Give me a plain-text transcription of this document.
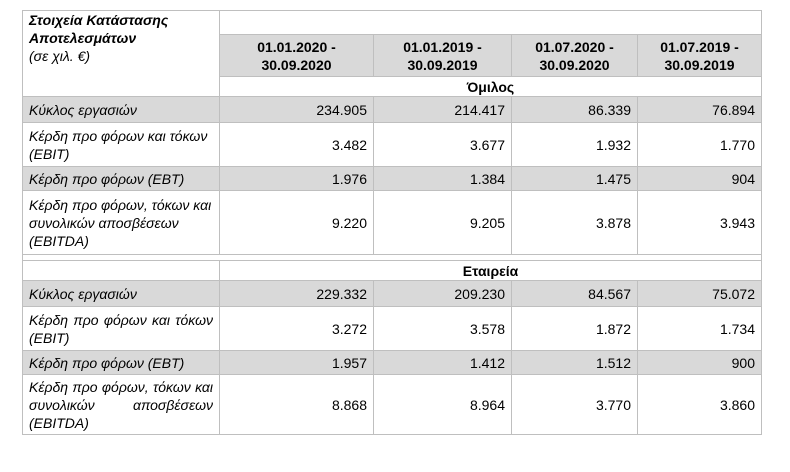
Στοιχεία Κατάστασης
Αποτελεσμάτων
(σε χιλ. €)				

	01.01.2020 -
30.09.2020	01.01.2019 -
30.09.2019	01.07.2020 -
30.09.2020	01.07.2019 -
30.09.2019

	Όμιλος			
Κύκλος εργασιών	234.905	214.417	86.339	76.894
Κέρδη προ φόρων και τόκων (EBIT)	3.482	3.677	1.932	1.770
Κέρδη προ φόρων (EBT)	1.976	1.384	1.475	904
Κέρδη προ φόρων, τόκων και συνολικών αποσβέσεων (EBITDA)	9.220	9.205	3.878	3.943

	Εταιρεία			
Κύκλος εργασιών	229.332	209.230	84.567	75.072
Κέρδη προ φόρων και τόκων (EBIT)	3.272	3.578	1.872	1.734
Κέρδη προ φόρων (EBT)	1.957	1.412	1.512	900
Κέρδη προ φόρων, τόκων και συνολικών αποσβέσεων (EBITDA)	8.868	8.964	3.770	3.860
